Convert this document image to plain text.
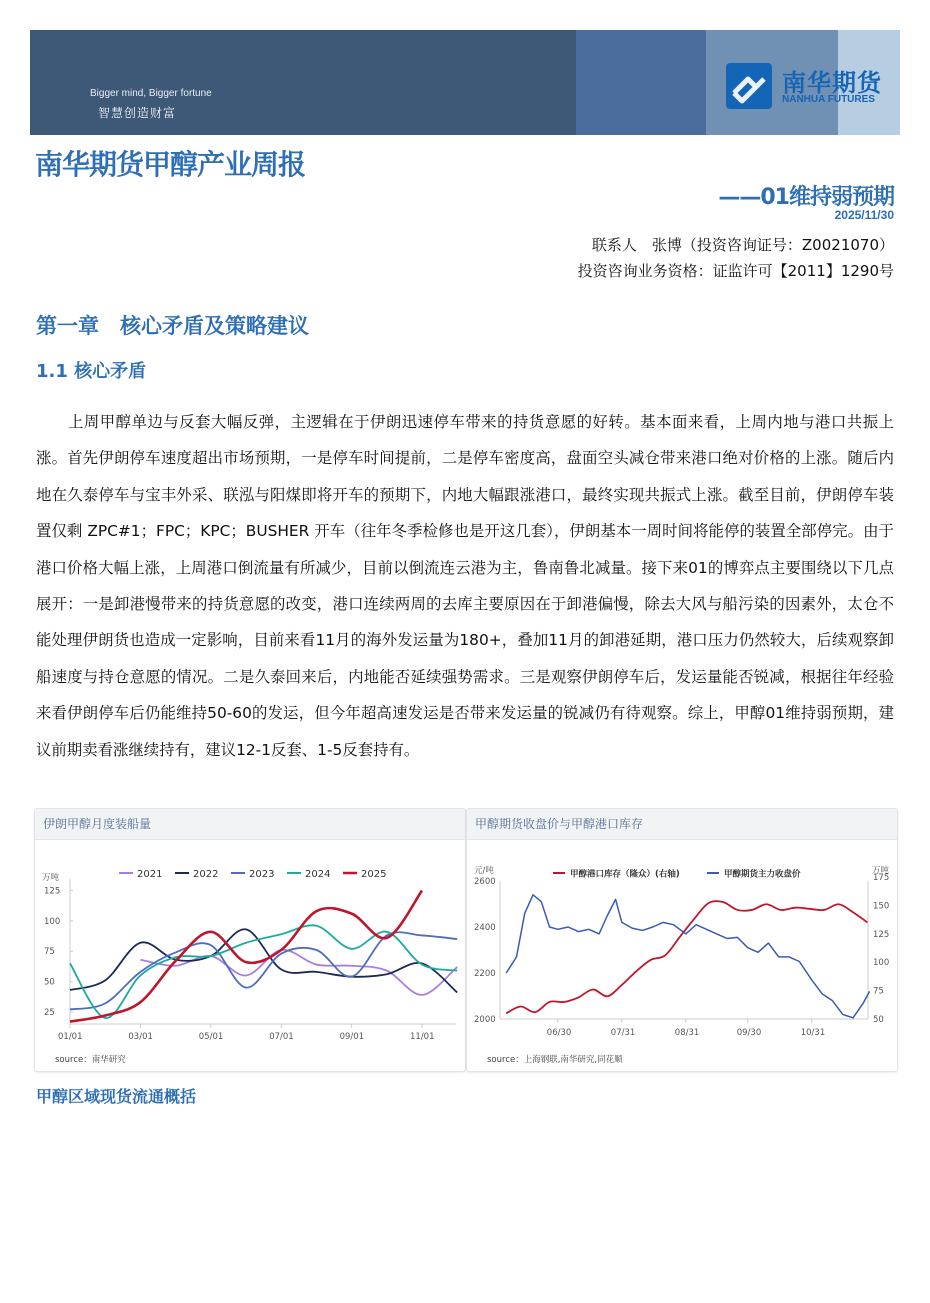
Bigger mind, Bigger fortune
智慧创造财富
南华期货
NANHUA FUTURES
南华期货甲醇产业周报
——01维持弱预期
2025/11/30
联系人　张博（投资咨询证号：Z0021070）
投资咨询业务资格：证监许可【2011】1290号
第一章　核心矛盾及策略建议
1.1 核心矛盾

上周甲醇单边与反套大幅反弹，主逻辑在于伊朗迅速停车带来的持货意愿的好转。基本面来看，上周内地与港口共振上涨。首先伊朗停车速度超出市场预期，一是停车时间提前，二是停车密度高，盘面空头减仓带来港口绝对价格的上涨。随后内地在久泰停车与宝丰外采、联泓与阳煤即将开车的预期下，内地大幅跟涨港口，最终实现共振式上涨。截至目前，伊朗停车装置仅剩 ZPC#1；FPC；KPC；BUSHER 开车（往年冬季检修也是开这几套），伊朗基本一周时间将能停的装置全部停完。由于港口价格大幅上涨，上周港口倒流量有所减少，目前以倒流连云港为主，鲁南鲁北减量。接下来01的博弈点主要围绕以下几点展开：一是卸港慢带来的持货意愿的改变，港口连续两周的去库主要原因在于卸港偏慢，除去大风与船污染的因素外，太仓不能处理伊朗货也造成一定影响，目前来看11月的海外发运量为180+，叠加11月的卸港延期，港口压力仍然较大，后续观察卸船速度与持仓意愿的情况。二是久泰回来后，内地能否延续强势需求。三是观察伊朗停车后，发运量能否锐减，根据往年经验来看伊朗停车后仍能维持50-60的发运，但今年超高速发运是否带来发运量的锐减仍有待观察。综上，甲醇01维持弱预期，建议前期卖看涨继续持有，建议12-1反套、1-5反套持有。

伊朗甲醇月度装船量
万吨
25
50
75
100
125
01/01	03/01	05/01	07/01	09/01	11/01
2021	2022	2023	2024	2025
source：南华研究
甲醇期货收盘价与甲醇港口库存
元/吨	万吨
2000
2200
2400
2600
50
75
100
125
150
175
06/30	07/31	08/31	09/30	10/31
甲醇港口库存（隆众）(右轴)	甲醇期货主力收盘价
source：上海钢联,南华研究,同花顺
甲醇区域现货流通概括
